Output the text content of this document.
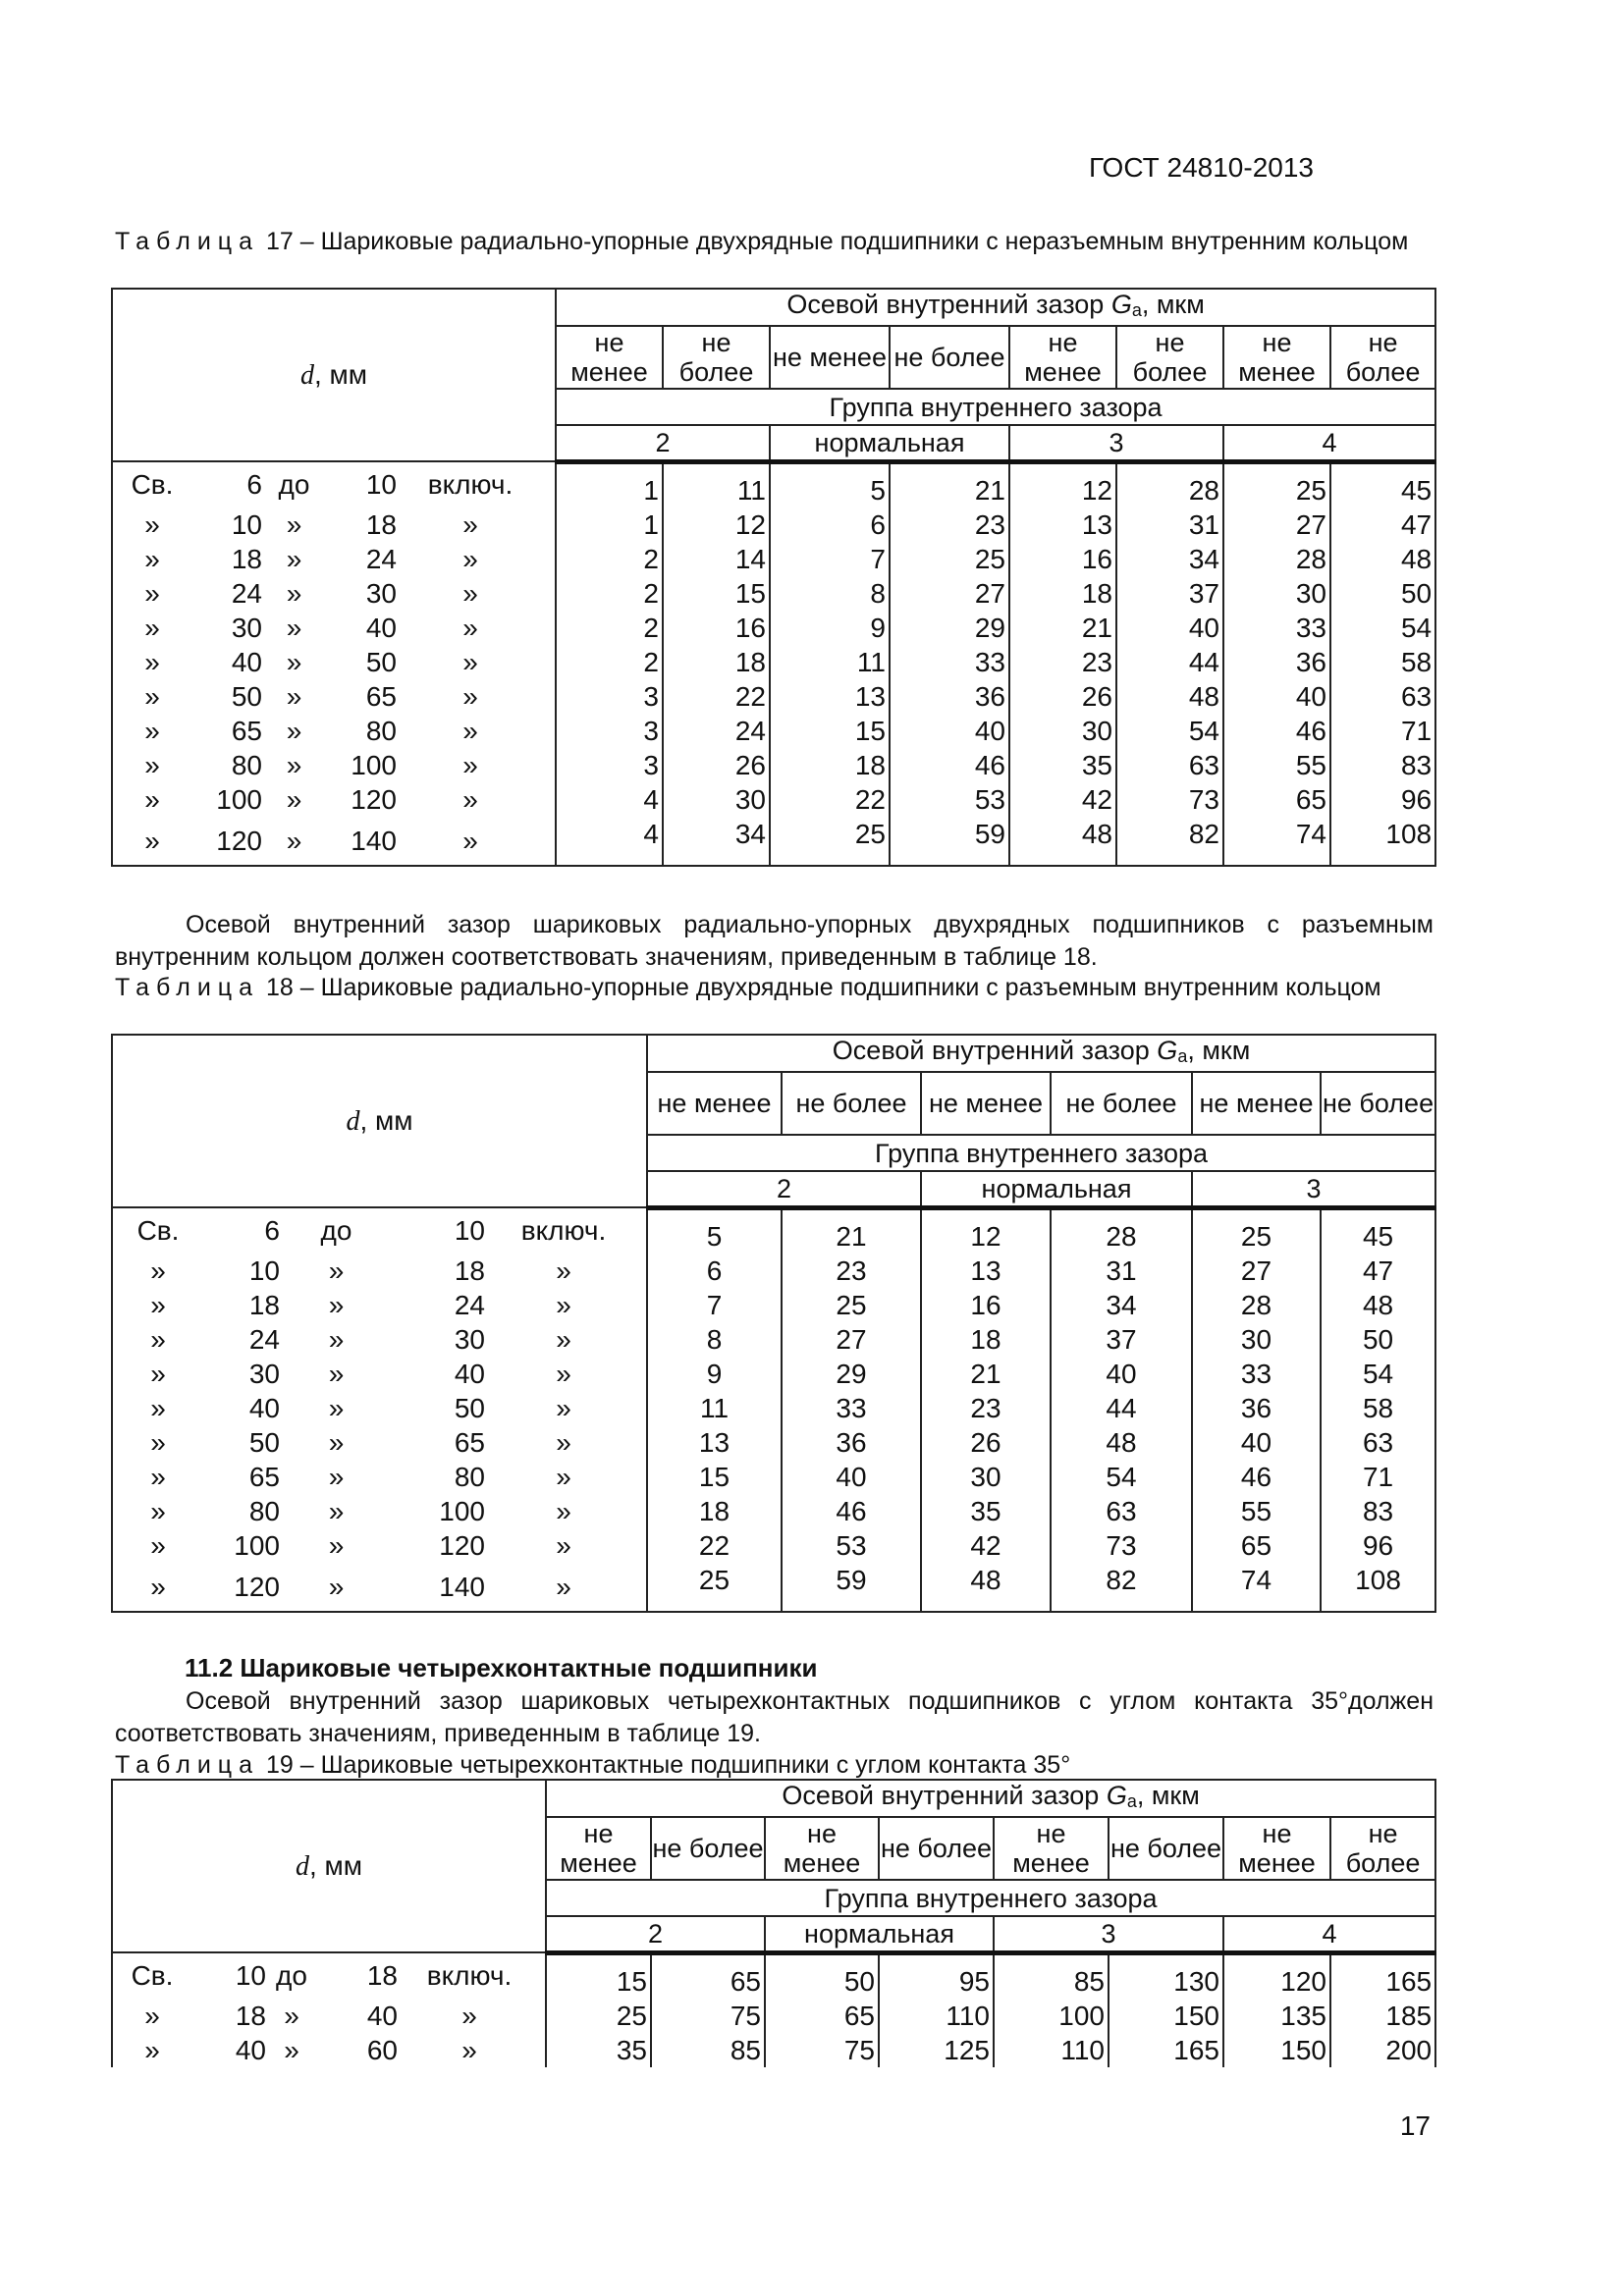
ГОСТ 24810-2013
Таблица 17 – Шариковые радиально-упорные двухрядные подшипники с неразъемным внутренним кольцом
d, мм	Осевой внутренний зазор Ga, мкм							
	не менее	не более	не менее	не более	не менее	не более	не менее	не более
	Группа внутреннего зазора							
	2		нормальная		3		4	

Св. 6 до 10 включ.	1	11	5	21	12	28	25	45

» 10 » 18 »	1	12	6	23	13	31	27	47

» 18 » 24 »	2	14	7	25	16	34	28	48

» 24 » 30 »	2	15	8	27	18	37	30	50

» 30 » 40 »	2	16	9	29	21	40	33	54

» 40 » 50 »	2	18	11	33	23	44	36	58

» 50 » 65 »	3	22	13	36	26	48	40	63

» 65 » 80 »	3	24	15	40	30	54	46	71

» 80 » 100 »	3	26	18	46	35	63	55	83

» 100 » 120 »	4	30	22	53	42	73	65	96

» 120 » 140 »	4	34	25	59	48	82	74	108
Осевой внутренний зазор шариковых радиально-упорных двухрядных подшипников с разъемным внутренним кольцом должен соответствовать значениям, приведенным в таблице 18.
Таблица 18 – Шариковые радиально-упорные двухрядные подшипники с разъемным внутренним кольцом
d, мм	Осевой внутренний зазор Ga, мкм					
	не менее	не более	не менее	не более	не менее	не более
	Группа внутреннего зазора					
	2		нормальная		3	

Св. 6 до 10 включ.	5	21	12	28	25	45

» 10 » 18 »	6	23	13	31	27	47

» 18 » 24 »	7	25	16	34	28	48

» 24 » 30 »	8	27	18	37	30	50

» 30 » 40 »	9	29	21	40	33	54

» 40 » 50 »	11	33	23	44	36	58

» 50 » 65 »	13	36	26	48	40	63

» 65 » 80 »	15	40	30	54	46	71

» 80 » 100 »	18	46	35	63	55	83

» 100 » 120 »	22	53	42	73	65	96

» 120 » 140 »	25	59	48	82	74	108
11.2 Шариковые четырехконтактные подшипники
Осевой внутренний зазор шариковых четырехконтактных подшипников с углом контакта 35°должен соответствовать значениям, приведенным в таблице 19.
Таблица 19 – Шариковые четырехконтактные подшипники с углом контакта 35°
d, мм	Осевой внутренний зазор Ga, мкм							
	не менее	не более	не менее	не более	не менее	не более	не менее	не более
	Группа внутреннего зазора							
	2		нормальная		3		4	

Св. 10 до 18 включ.	15	65	50	95	85	130	120	165

» 18 » 40 »	25	75	65	110	100	150	135	185

» 40 » 60 »	35	85	75	125	110	165	150	200
17
